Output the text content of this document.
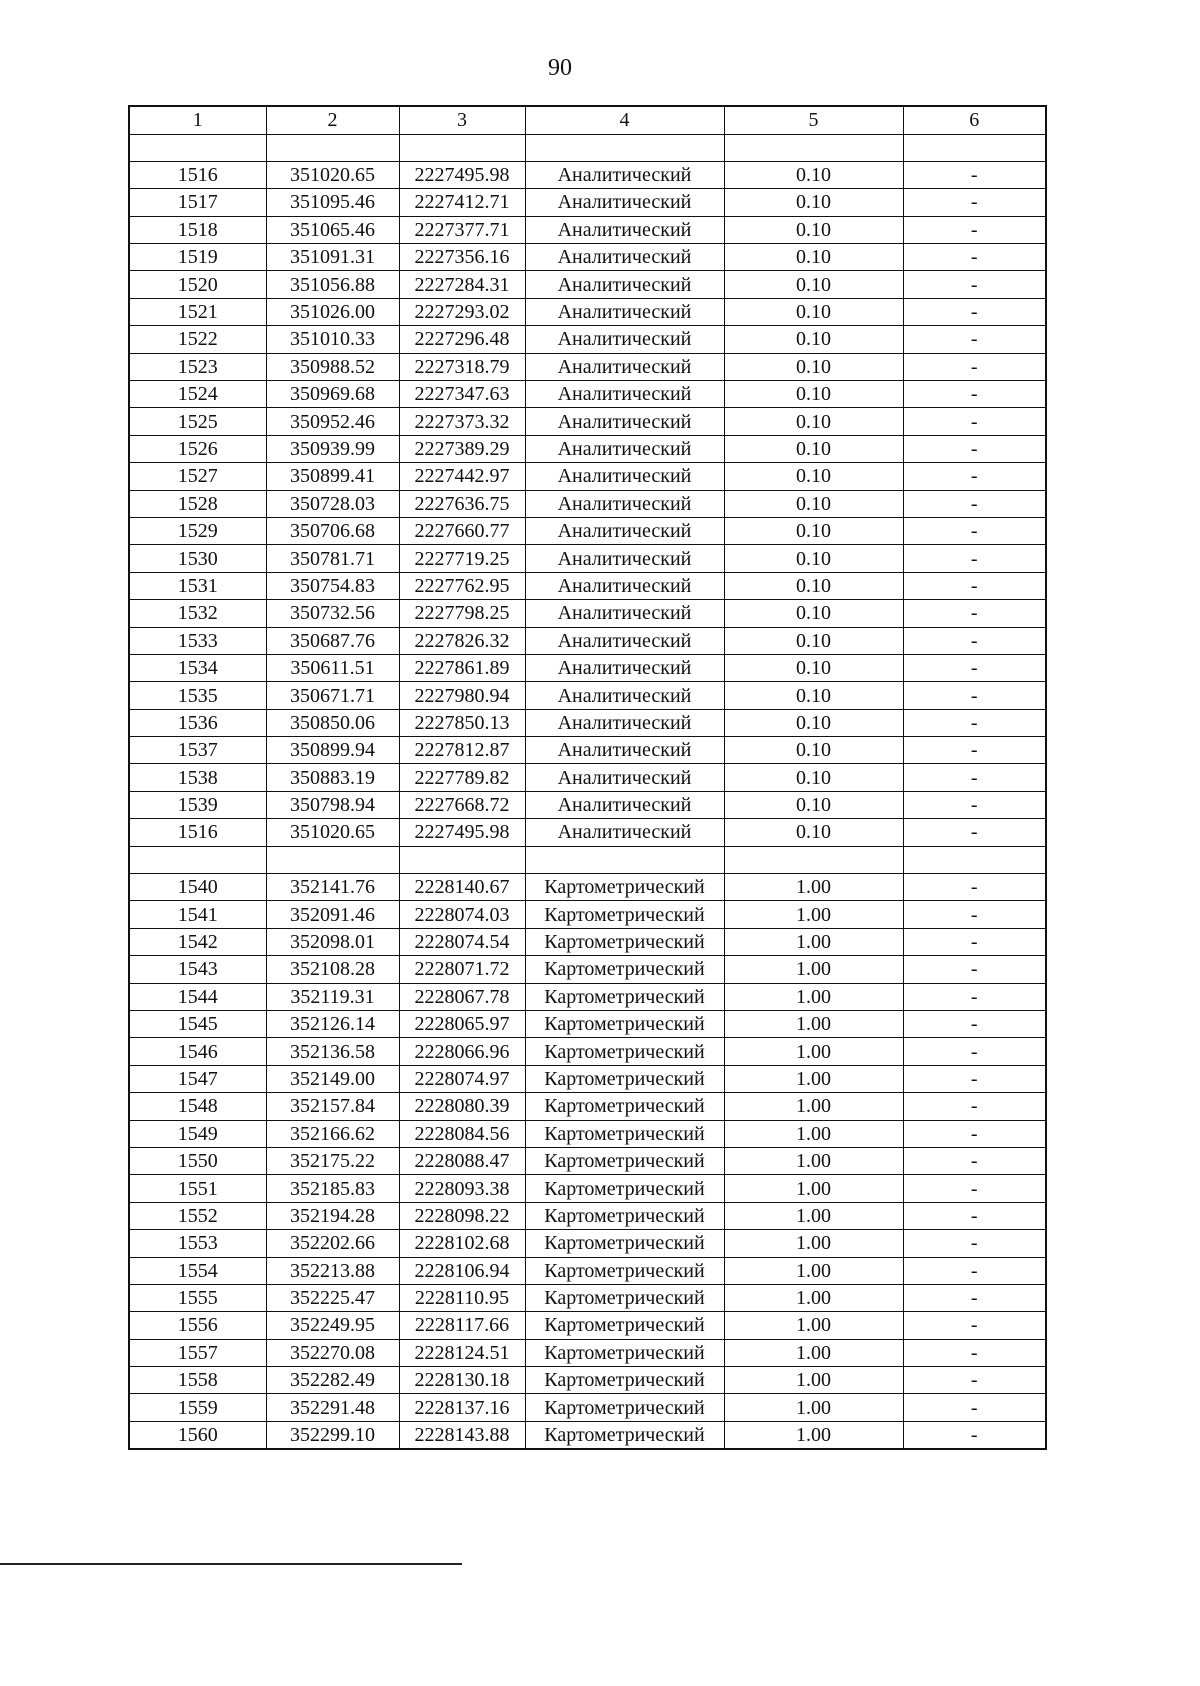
90
1	2	3	4	5	6

1516	351020.65	2227495.98	Аналитический	0.10	-
1517	351095.46	2227412.71	Аналитический	0.10	-
1518	351065.46	2227377.71	Аналитический	0.10	-
1519	351091.31	2227356.16	Аналитический	0.10	-
1520	351056.88	2227284.31	Аналитический	0.10	-
1521	351026.00	2227293.02	Аналитический	0.10	-
1522	351010.33	2227296.48	Аналитический	0.10	-
1523	350988.52	2227318.79	Аналитический	0.10	-
1524	350969.68	2227347.63	Аналитический	0.10	-
1525	350952.46	2227373.32	Аналитический	0.10	-
1526	350939.99	2227389.29	Аналитический	0.10	-
1527	350899.41	2227442.97	Аналитический	0.10	-
1528	350728.03	2227636.75	Аналитический	0.10	-
1529	350706.68	2227660.77	Аналитический	0.10	-
1530	350781.71	2227719.25	Аналитический	0.10	-
1531	350754.83	2227762.95	Аналитический	0.10	-
1532	350732.56	2227798.25	Аналитический	0.10	-
1533	350687.76	2227826.32	Аналитический	0.10	-
1534	350611.51	2227861.89	Аналитический	0.10	-
1535	350671.71	2227980.94	Аналитический	0.10	-
1536	350850.06	2227850.13	Аналитический	0.10	-
1537	350899.94	2227812.87	Аналитический	0.10	-
1538	350883.19	2227789.82	Аналитический	0.10	-
1539	350798.94	2227668.72	Аналитический	0.10	-
1516	351020.65	2227495.98	Аналитический	0.10	-

1540	352141.76	2228140.67	Картометрический	1.00	-
1541	352091.46	2228074.03	Картометрический	1.00	-
1542	352098.01	2228074.54	Картометрический	1.00	-
1543	352108.28	2228071.72	Картометрический	1.00	-
1544	352119.31	2228067.78	Картометрический	1.00	-
1545	352126.14	2228065.97	Картометрический	1.00	-
1546	352136.58	2228066.96	Картометрический	1.00	-
1547	352149.00	2228074.97	Картометрический	1.00	-
1548	352157.84	2228080.39	Картометрический	1.00	-
1549	352166.62	2228084.56	Картометрический	1.00	-
1550	352175.22	2228088.47	Картометрический	1.00	-
1551	352185.83	2228093.38	Картометрический	1.00	-
1552	352194.28	2228098.22	Картометрический	1.00	-
1553	352202.66	2228102.68	Картометрический	1.00	-
1554	352213.88	2228106.94	Картометрический	1.00	-
1555	352225.47	2228110.95	Картометрический	1.00	-
1556	352249.95	2228117.66	Картометрический	1.00	-
1557	352270.08	2228124.51	Картометрический	1.00	-
1558	352282.49	2228130.18	Картометрический	1.00	-
1559	352291.48	2228137.16	Картометрический	1.00	-
1560	352299.10	2228143.88	Картометрический	1.00	-
